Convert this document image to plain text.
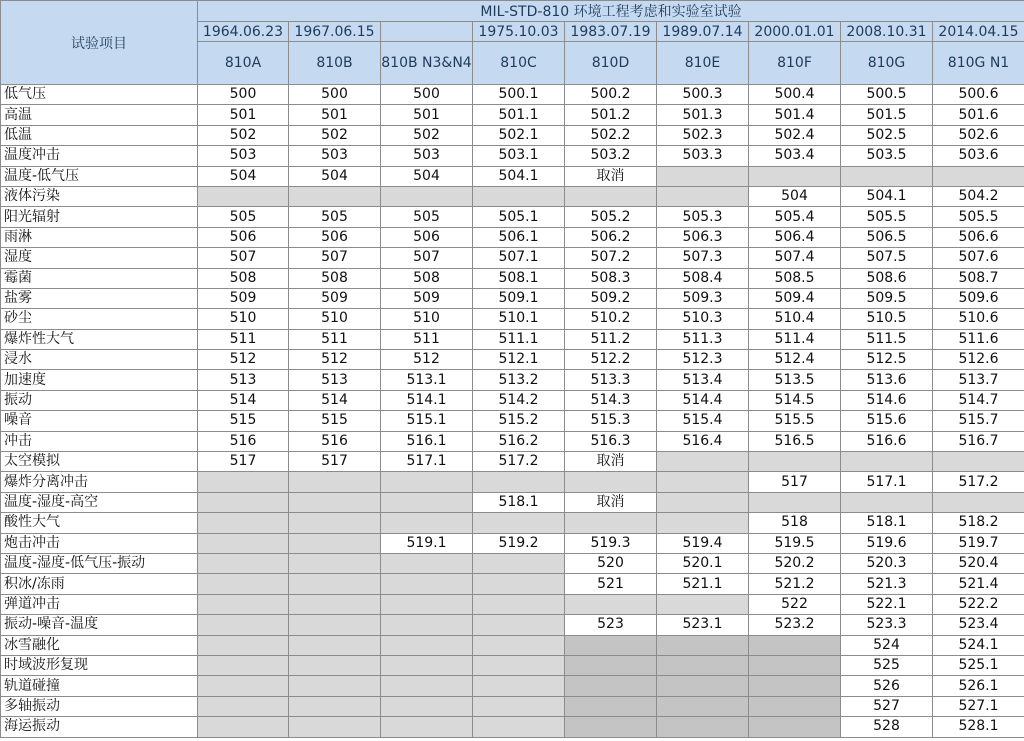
试验项目	MIL-STD-810 环境工程考虑和实验室试验								
	1964.06.23	1967.06.15		1975.10.03	1983.07.19	1989.07.14	2000.01.01	2008.10.31	2014.04.15
	810A	810B	810B N3&N4	810C	810D	810E	810F	810G	810G N1
低气压	500	500	500	500.1	500.2	500.3	500.4	500.5	500.6
高温	501	501	501	501.1	501.2	501.3	501.4	501.5	501.6
低温	502	502	502	502.1	502.2	502.3	502.4	502.5	502.6
温度冲击	503	503	503	503.1	503.2	503.3	503.4	503.5	503.6
温度-低气压	504	504	504	504.1	取消				
液体污染							504	504.1	504.2
阳光辐射	505	505	505	505.1	505.2	505.3	505.4	505.5	505.5
雨淋	506	506	506	506.1	506.2	506.3	506.4	506.5	506.6
湿度	507	507	507	507.1	507.2	507.3	507.4	507.5	507.6
霉菌	508	508	508	508.1	508.3	508.4	508.5	508.6	508.7
盐雾	509	509	509	509.1	509.2	509.3	509.4	509.5	509.6
砂尘	510	510	510	510.1	510.2	510.3	510.4	510.5	510.6
爆炸性大气	511	511	511	511.1	511.2	511.3	511.4	511.5	511.6
浸水	512	512	512	512.1	512.2	512.3	512.4	512.5	512.6
加速度	513	513	513.1	513.2	513.3	513.4	513.5	513.6	513.7
振动	514	514	514.1	514.2	514.3	514.4	514.5	514.6	514.7
噪音	515	515	515.1	515.2	515.3	515.4	515.5	515.6	515.7
冲击	516	516	516.1	516.2	516.3	516.4	516.5	516.6	516.7
太空模拟	517	517	517.1	517.2	取消				
爆炸分离冲击							517	517.1	517.2
温度-湿度-高空				518.1	取消				
酸性大气							518	518.1	518.2
炮击冲击			519.1	519.2	519.3	519.4	519.5	519.6	519.7
温度-湿度-低气压-振动					520	520.1	520.2	520.3	520.4
积冰/冻雨					521	521.1	521.2	521.3	521.4
弹道冲击							522	522.1	522.2
振动-噪音-温度					523	523.1	523.2	523.3	523.4
冰雪融化								524	524.1
时域波形复现								525	525.1
轨道碰撞								526	526.1
多轴振动								527	527.1
海运振动								528	528.1
